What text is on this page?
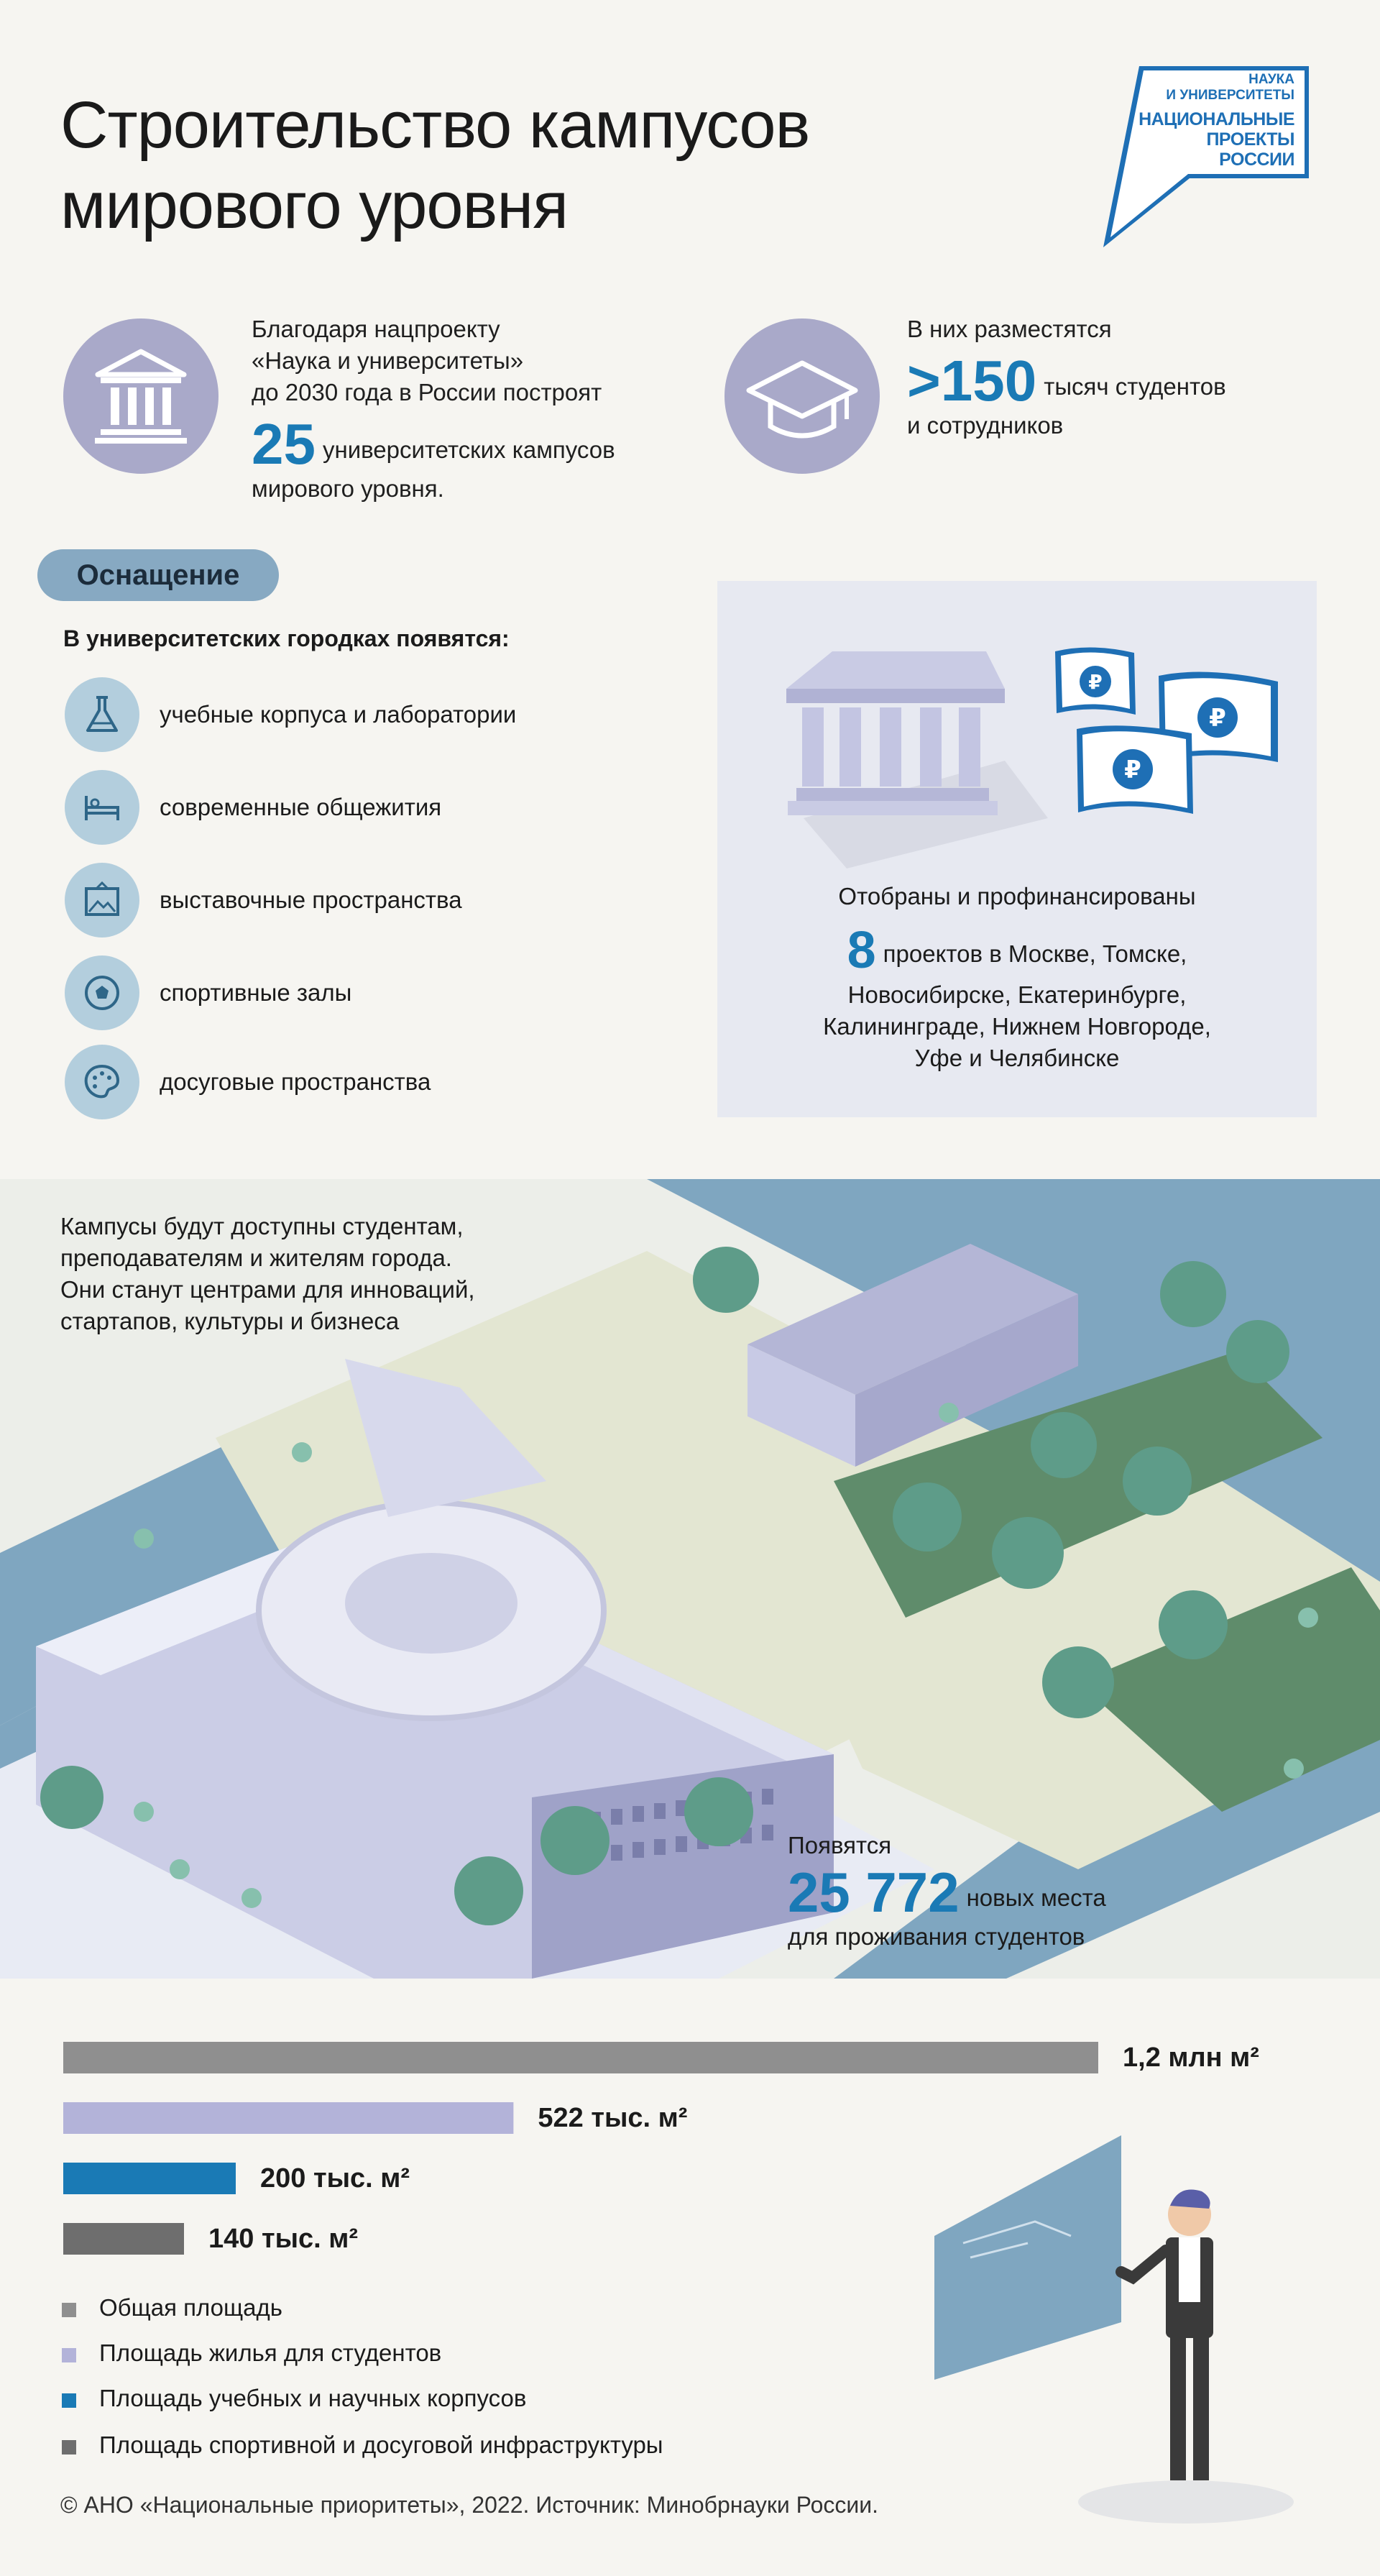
Строительство кампусов
мирового уровня
НАУКА
И УНИВЕРСИТЕТЫ
НАЦИОНАЛЬНЫЕ
ПРОЕКТЫ
РОССИИ
Благодаря нацпроекту
«Наука и университеты»
до 2030 года в России построят
25 университетских кампусов
мирового уровня.
В них разместятся
>150 тысяч студентов
и сотрудников
Оснащение
В университетских городках появятся:
учебные корпуса и лаборатории
современные общежития
выставочные пространства
спортивные залы
досуговые пространства
₽
₽
₽
Отобраны и профинансированы
8 проектов в Москве, Томске,
Новосибирске, Екатеринбурге,
Калининграде, Нижнем Новгороде,
Уфе и Челябинске
Кампусы будут доступны студентам,
преподавателям и жителям города.
Они станут центрами для инноваций,
стартапов, культуры и бизнеса
Появятся
25 772 новых места
для проживания студентов
1,2 млн м²
522 тыс. м²
200 тыс. м²
140 тыс. м²
Общая площадь
Площадь жилья для студентов
Площадь учебных и научных корпусов
Площадь спортивной и досуговой инфраструктуры
© АНО «Национальные приоритеты», 2022. Источник: Минобрнауки России.
